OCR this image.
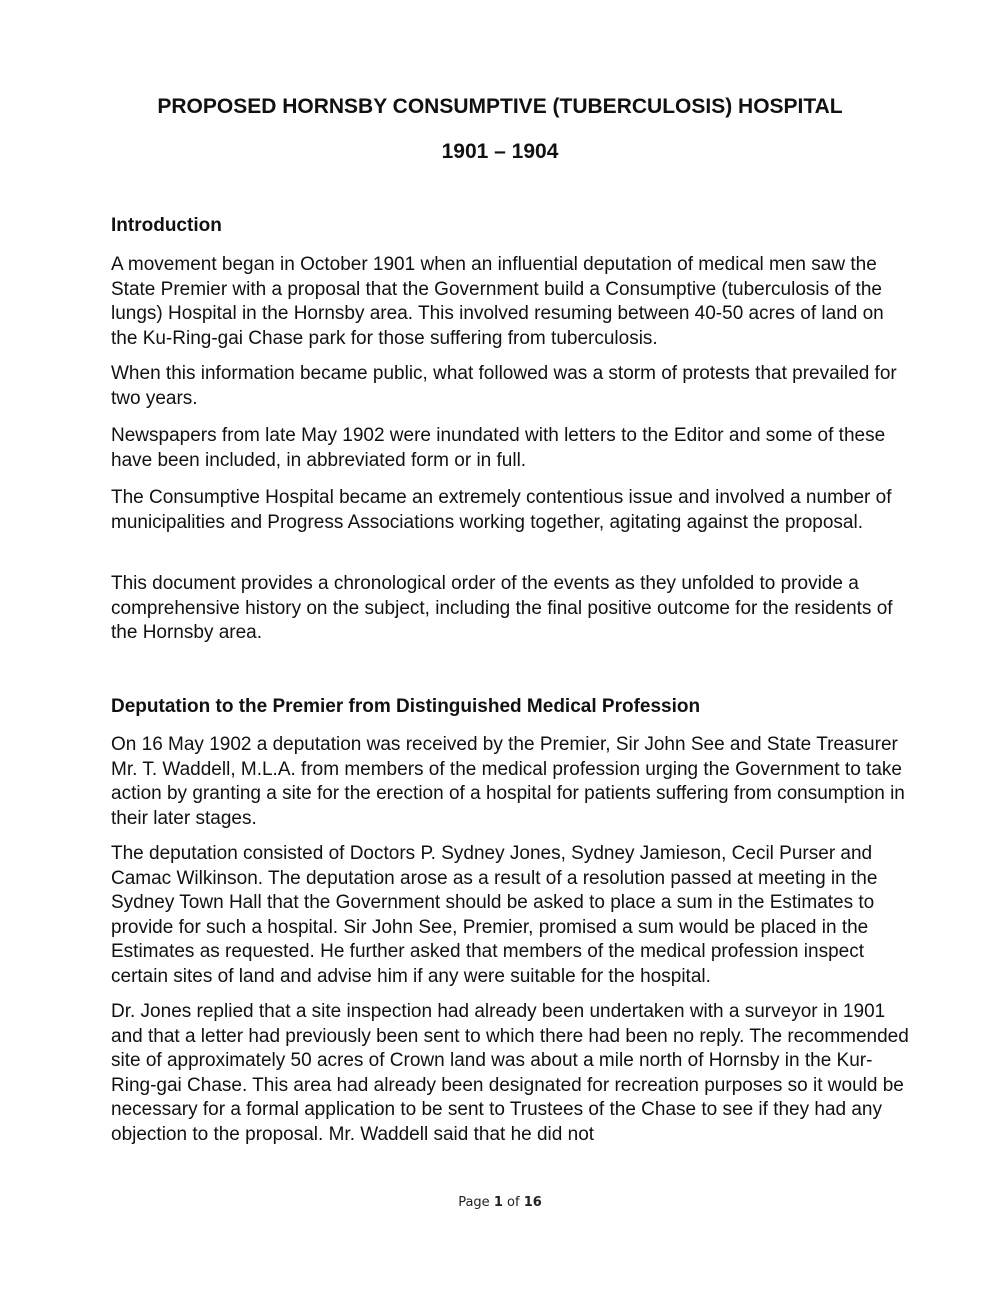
PROPOSED HORNSBY CONSUMPTIVE (TUBERCULOSIS) HOSPITAL
1901 – 1904
Introduction

A movement began in October 1901 when an influential deputation of medical men saw the State Premier with a proposal that the Government build a Consumptive (tuberculosis of the lungs) Hospital in the Hornsby area. This involved resuming between 40-50 acres of land on the Ku-Ring-gai Chase park for those suffering from tuberculosis.

When this information became public, what followed was a storm of protests that prevailed for two years.

Newspapers from late May 1902 were inundated with letters to the Editor and some of these have been included, in abbreviated form or in full.

The Consumptive Hospital became an extremely contentious issue and involved a number of municipalities and Progress Associations working together, agitating against the proposal.

This document provides a chronological order of the events as they unfolded to provide a comprehensive history on the subject, including the final positive outcome for the residents of the Hornsby area.

Deputation to the Premier from Distinguished Medical Profession

On 16 May 1902 a deputation was received by the Premier, Sir John See and State Treasurer Mr. T. Waddell, M.L.A. from members of the medical profession urging the Government to take action by granting a site for the erection of a hospital for patients suffering from consumption in their later stages.

The deputation consisted of Doctors P. Sydney Jones, Sydney Jamieson, Cecil Purser and Camac Wilkinson. The deputation arose as a result of a resolution passed at meeting in the Sydney Town Hall that the Government should be asked to place a sum in the Estimates to provide for such a hospital. Sir John See, Premier, promised a sum would be placed in the Estimates as requested. He further asked that members of the medical profession inspect certain sites of land and advise him if any were suitable for the hospital.

Dr. Jones replied that a site inspection had already been undertaken with a surveyor in 1901 and that a letter had previously been sent to which there had been no reply. The recommended site of approximately 50 acres of Crown land was about a mile north of Hornsby in the Kur-Ring-gai Chase. This area had already been designated for recreation purposes so it would be necessary for a formal application to be sent to Trustees of the Chase to see if they had any objection to the proposal. Mr. Waddell said that he did not

Page 1 of 16
